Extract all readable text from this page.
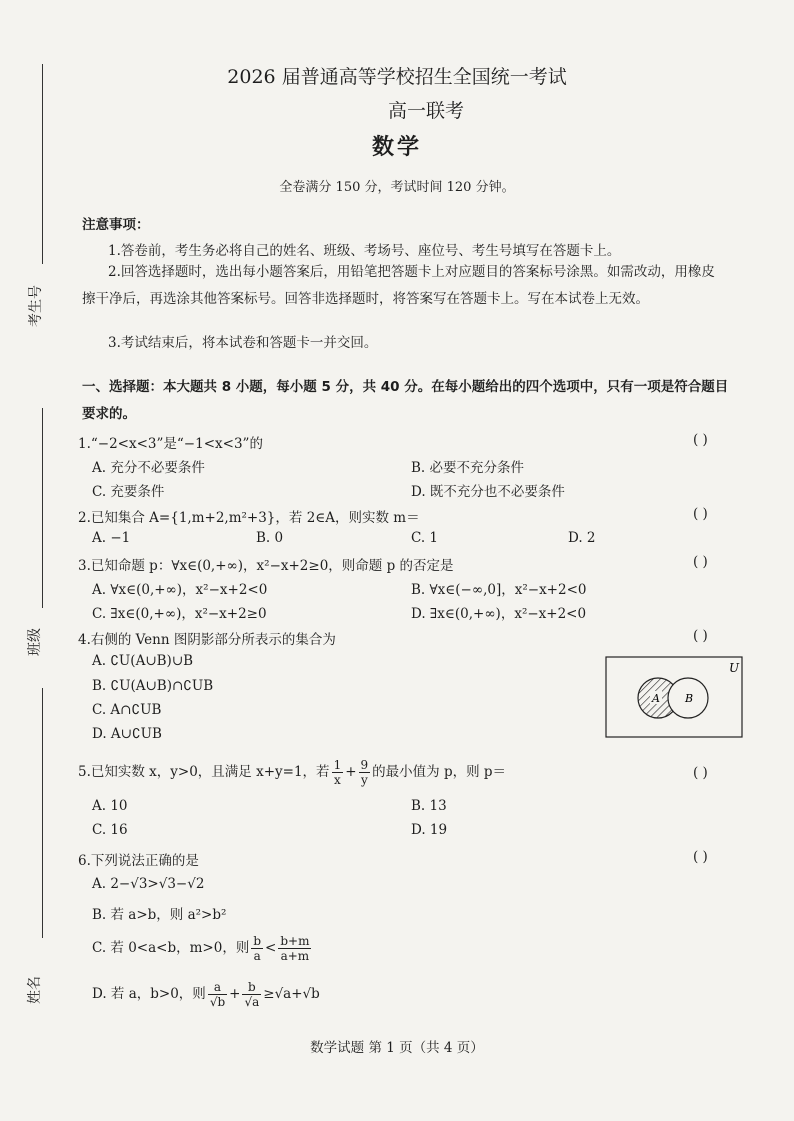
考生号
班级
姓名
2026 届普通高等学校招生全国统一考试
高一联考
数学
全卷满分 150 分，考试时间 120 分钟。
注意事项：
1.答卷前，考生务必将自己的姓名、班级、考场号、座位号、考生号填写在答题卡上。
2.回答选择题时，选出每小题答案后，用铅笔把答题卡上对应题目的答案标号涂黑。如需改动，用橡皮擦干净后，再选涂其他答案标号。回答非选择题时，将答案写在答题卡上。写在本试卷上无效。
3.考试结束后，将本试卷和答题卡一并交回。
一、选择题：本大题共 8 小题，每小题 5 分，共 40 分。在每小题给出的四个选项中，只有一项是符合题目要求的。
1.“−2<x<3”是“−1<x<3”的	( )
A. 充分不必要条件	B. 必要不充分条件
C. 充要条件	D. 既不充分也不必要条件
2.已知集合 A={1,m+2,m²+3}，若 2∈A，则实数 m＝	( )
A. −1	B. 0	C. 1	D. 2
3.已知命题 p：∀x∈(0,+∞)，x²−x+2≥0，则命题 p 的否定是	( )
A. ∀x∈(0,+∞)，x²−x+2<0	B. ∀x∈(−∞,0]，x²−x+2<0
C. ∃x∈(0,+∞)，x²−x+2≥0	D. ∃x∈(0,+∞)，x²−x+2<0
4.右侧的 Venn 图阴影部分所表示的集合为	( )
A. ∁U(A∪B)∪B
B. ∁U(A∪B)∩∁UB
C. A∩∁UB
D. A∪∁UB
U
A B
5.已知实数 x，y>0，且满足 x+y=1，若 $\frac{1}{x} + \frac{9}{y}$ 的最小值为 p，则 p＝	( )
A. 10	B. 13
C. 16	D. 19
6.下列说法正确的是
A. 2−√3>√3−√2
B. 若 a>b，则 a²>b²
C. 若 0<a<b，m>0，则 $\frac{b}{a} < \frac{b+m}{a+m}$
D. 若 a，b>0，则 $\frac{a}{√b} + \frac{b}{√a} \ge√a+√b$
( )
数学试题 第 1 页（共 4 页）
